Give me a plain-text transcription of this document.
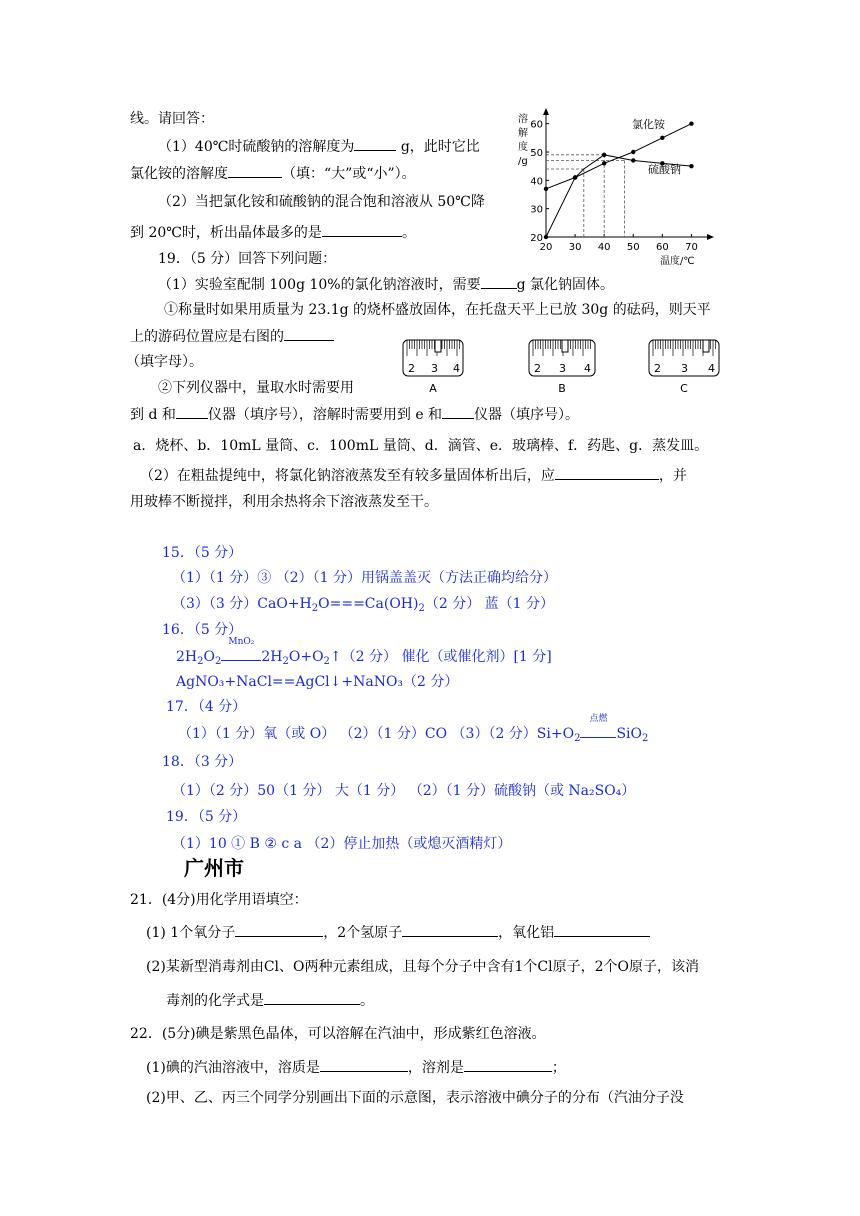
线。请回答：
（1）40℃时硫酸钠的溶解度为	g，此时它比
氯化铵的溶解度	（填：“大”或“小”）。
（2）当把氯化铵和硫酸钠的混合饱和溶液从 50℃降
到 20℃时，析出晶体最多的是	。
20 30 40 50 60 70
20
30
40
50
60
溶
解
度
/g
温度/℃
氯化铵
硫酸钠
19．（5 分）回答下列问题：
（1）实验室配制 100g 10%的氯化钠溶液时，需要	g 氯化钠固体。
①称量时如果用质量为 23.1g 的烧杯盛放固体，在托盘天平上已放 30g 的砝码，则天平
上的游码位置应是右图的
（填字母）。
②下列仪器中，量取水时需要用
到 d 和 仪器（填序号），溶解时需要用到 e 和 仪器（填序号）。
a．烧杯、b．10mL 量筒、c．100mL 量筒、d．滴管、e．玻璃棒、f．药匙、g．蒸发皿。
（2）在粗盐提纯中，将氯化钠溶液蒸发至有较多量固体析出后，应	，并
用玻棒不断搅拌，利用余热将余下溶液蒸发至干。
2 3 4
A
2 3 4
B
2 3 4
C
15．（5 分）
（1）（1 分）③ （2）（1 分）用锅盖盖灭（方法正确均给分）
（3）（3 分）$CaO+H_2O===Ca(OH)_2(2$ 分） 蓝（1 分）
16．（5 分）
$2H_2O_2$
MnO₂
$2H_2O+O_2↑(2$ 分） 催化（或催化剂）[1 分]
AgNO₃+NaCl==AgCl↓+NaNO₃（2 分）
17．（4 分）
（1）（1 分）氧（或 O） （2）（1 分）CO （3）（2 分）$Si+O_2$
点燃
SiO$_2$
18．（3 分）
（1）（2 分）50（1 分） 大（1 分） （2）（1 分）硫酸钠（或 Na₂SO₄）
19．（5 分）
（1）10 ① B ② c a （2）停止加热（或熄灭酒精灯）
广州市
21．(4分)用化学用语填空：
(1) 1个氧分子	，2个氢原子	，氧化铝
(2)某新型消毒剂由Cl、O两种元素组成，且每个分子中含有1个Cl原子，2个O原子，该消
毒剂的化学式是	。
22．(5分)碘是紫黑色晶体，可以溶解在汽油中，形成紫红色溶液。
(1)碘的汽油溶液中，溶质是	，溶剂是	；
(2)甲、乙、丙三个同学分别画出下面的示意图，表示溶液中碘分子的分布（汽油分子没
